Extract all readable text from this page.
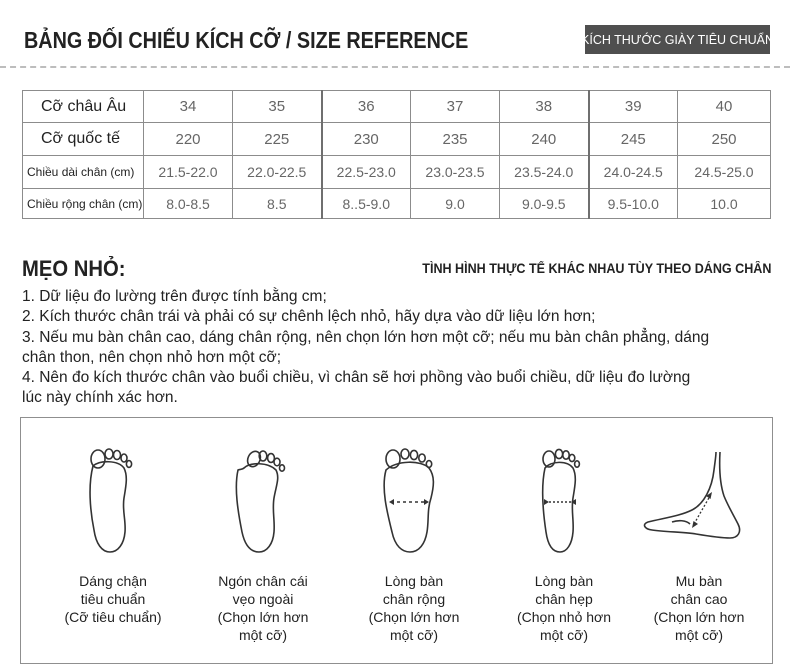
BẢNG ĐỐI CHIẾU KÍCH CỠ / SIZE REFERENCE	KÍCH THƯỚC GIÀY TIÊU CHUẨN
Cỡ châu Âu	34	35	36	37	38	39	40
Cỡ quốc tế	220	225	230	235	240	245	250
Chiều dài chân (cm)	21.5-22.0	22.0-22.5	22.5-23.0	23.0-23.5	23.5-24.0	24.0-24.5	24.5-25.0
Chiều rộng chân (cm)	8.0-8.5	8.5	8..5-9.0	9.0	9.0-9.5	9.5-10.0	10.0
MẸO NHỎ:	TÌNH HÌNH THỰC TẾ KHÁC NHAU TÙY THEO DÁNG CHÂN

1. Dữ liệu đo lường trên được tính bằng cm;

2. Kích thước chân trái và phải có sự chênh lệch nhỏ, hãy dựa vào dữ liệu lớn hơn;

3. Nếu mu bàn chân cao, dáng chân rộng, nên chọn lớn hơn một cỡ; nếu mu bàn chân phẳng, dáng

chân thon, nên chọn nhỏ hơn một cỡ;

4. Nên đo kích thước chân vào buổi chiều, vì chân sẽ hơi phồng vào buổi chiều, dữ liệu đo lường

lúc này chính xác hơn.

Dáng chận
tiêu chuẩn
(Cỡ tiêu chuẩn)
Ngón chân cái
vẹo ngoài
(Chọn lớn hơn
một cỡ)
Lòng bàn
chân rộng
(Chọn lớn hơn
một cỡ)
Lòng bàn
chân hẹp
(Chọn nhỏ hơn
một cỡ)
Mu bàn
chân cao
(Chọn lớn hơn
một cỡ)
